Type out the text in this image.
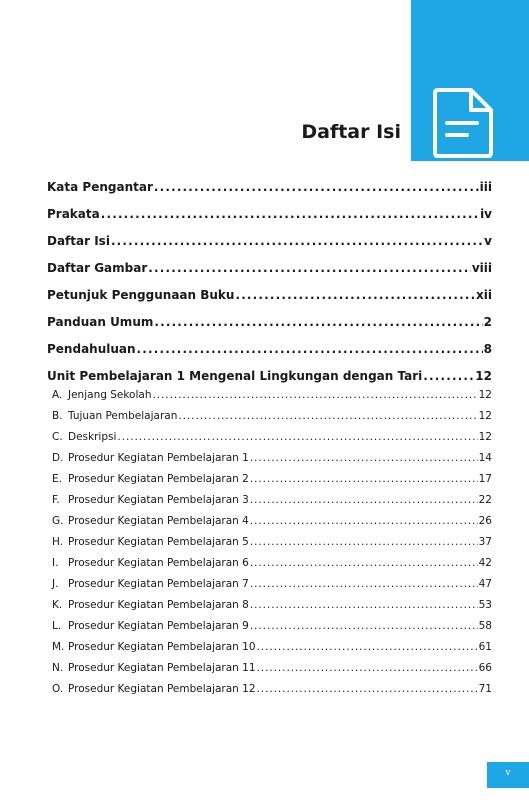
Daftar Isi
Kata Pengantar . . .	iii
Prakata . . .	iv
Daftar Isi . . .	v
Daftar Gambar . . .	viii
Petunjuk Penggunaan Buku . . .	xii
Panduan Umum . . .	2
Pendahuluan . . .	8
Unit Pembelajaran 1 Mengenal Lingkungan dengan Tari . . .	12
A. Jenjang Sekolah . . .	12
B. Tujuan Pembelajaran . . .	12
C. Deskripsi . . .	12
D. Prosedur Kegiatan Pembelajaran 1 . . .	14
E. Prosedur Kegiatan Pembelajaran 2 . . .	17
F. Prosedur Kegiatan Pembelajaran 3 . . .	22
G. Prosedur Kegiatan Pembelajaran 4 . . .	26
H. Prosedur Kegiatan Pembelajaran 5 . . .	37
I. Prosedur Kegiatan Pembelajaran 6 . . .	42
J. Prosedur Kegiatan Pembelajaran 7 . . .	47
K. Prosedur Kegiatan Pembelajaran 8 . . .	53
L. Prosedur Kegiatan Pembelajaran 9 . . .	58
M. Prosedur Kegiatan Pembelajaran 10 . . .	61
N. Prosedur Kegiatan Pembelajaran 11 . . .	66
O. Prosedur Kegiatan Pembelajaran 12 . . .	71
v
